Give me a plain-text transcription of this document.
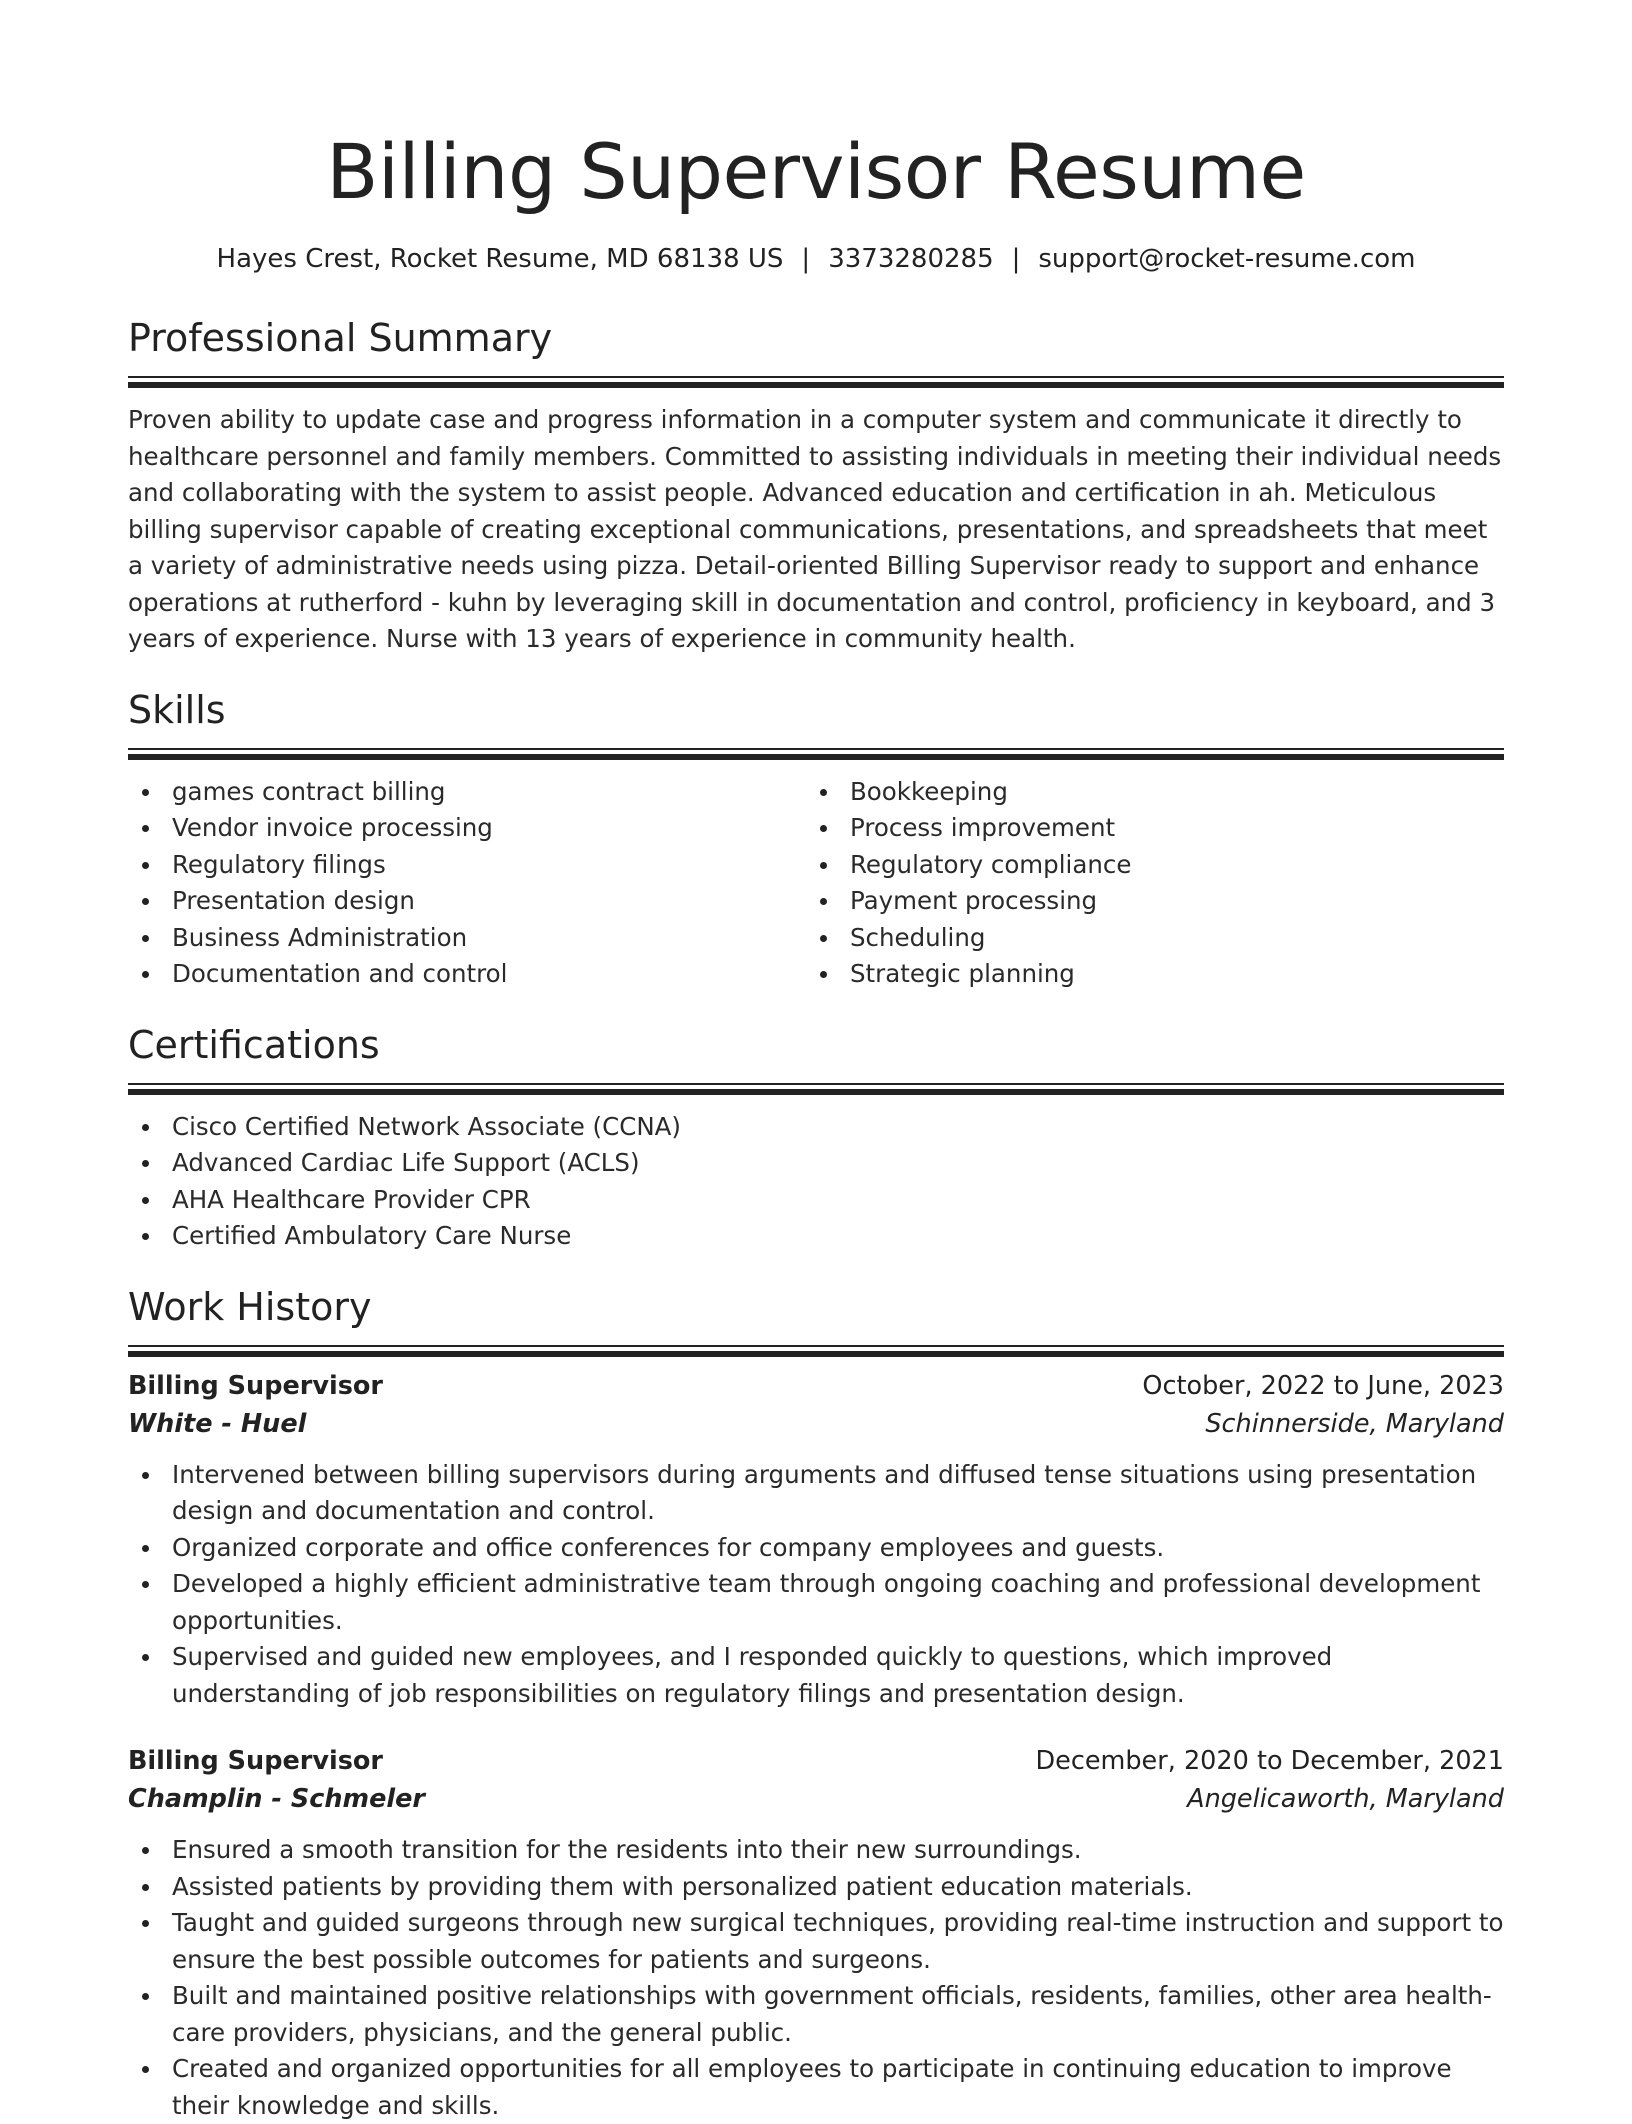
Billing Supervisor Resume
Hayes Crest, Rocket Resume, MD 68138 US | 3373280285 | support@rocket-resume.com
Professional Summary

Proven ability to update case and progress information in a computer system and communicate it directly to healthcare personnel and family members. Committed to assisting individuals in meeting their individual needs and collaborating with the system to assist people. Advanced education and certification in ah. Meticulous billing supervisor capable of creating exceptional communications, presentations, and spreadsheets that meet a variety of administrative needs using pizza. Detail-oriented Billing Supervisor ready to support and enhance operations at rutherford - kuhn by leveraging skill in documentation and control, proficiency in keyboard, and 3 years of experience. Nurse with 13 years of experience in community health.

Skills
games contract billing
Vendor invoice processing
Regulatory filings
Presentation design
Business Administration
Documentation and control
Bookkeeping
Process improvement
Regulatory compliance
Payment processing
Scheduling
Strategic planning
Certifications
Cisco Certified Network Associate (CCNA)
Advanced Cardiac Life Support (ACLS)
AHA Healthcare Provider CPR
Certified Ambulatory Care Nurse
Work History
Billing Supervisor	October, 2022 to June, 2023
White - Huel	Schinnerside, Maryland
Intervened between billing supervisors during arguments and diffused tense situations using presentation design and documentation and control.
Organized corporate and office conferences for company employees and guests.
Developed a highly efficient administrative team through ongoing coaching and professional development opportunities.
Supervised and guided new employees, and I responded quickly to questions, which improved understanding of job responsibilities on regulatory filings and presentation design.
Billing Supervisor	December, 2020 to December, 2021
Champlin - Schmeler	Angelicaworth, Maryland
Ensured a smooth transition for the residents into their new surroundings.
Assisted patients by providing them with personalized patient education materials.
Taught and guided surgeons through new surgical techniques, providing real-time instruction and support to ensure the best possible outcomes for patients and surgeons.
Built and maintained positive relationships with government officials, residents, families, other area health-care providers, physicians, and the general public.
Created and organized opportunities for all employees to participate in continuing education to improve their knowledge and skills.
